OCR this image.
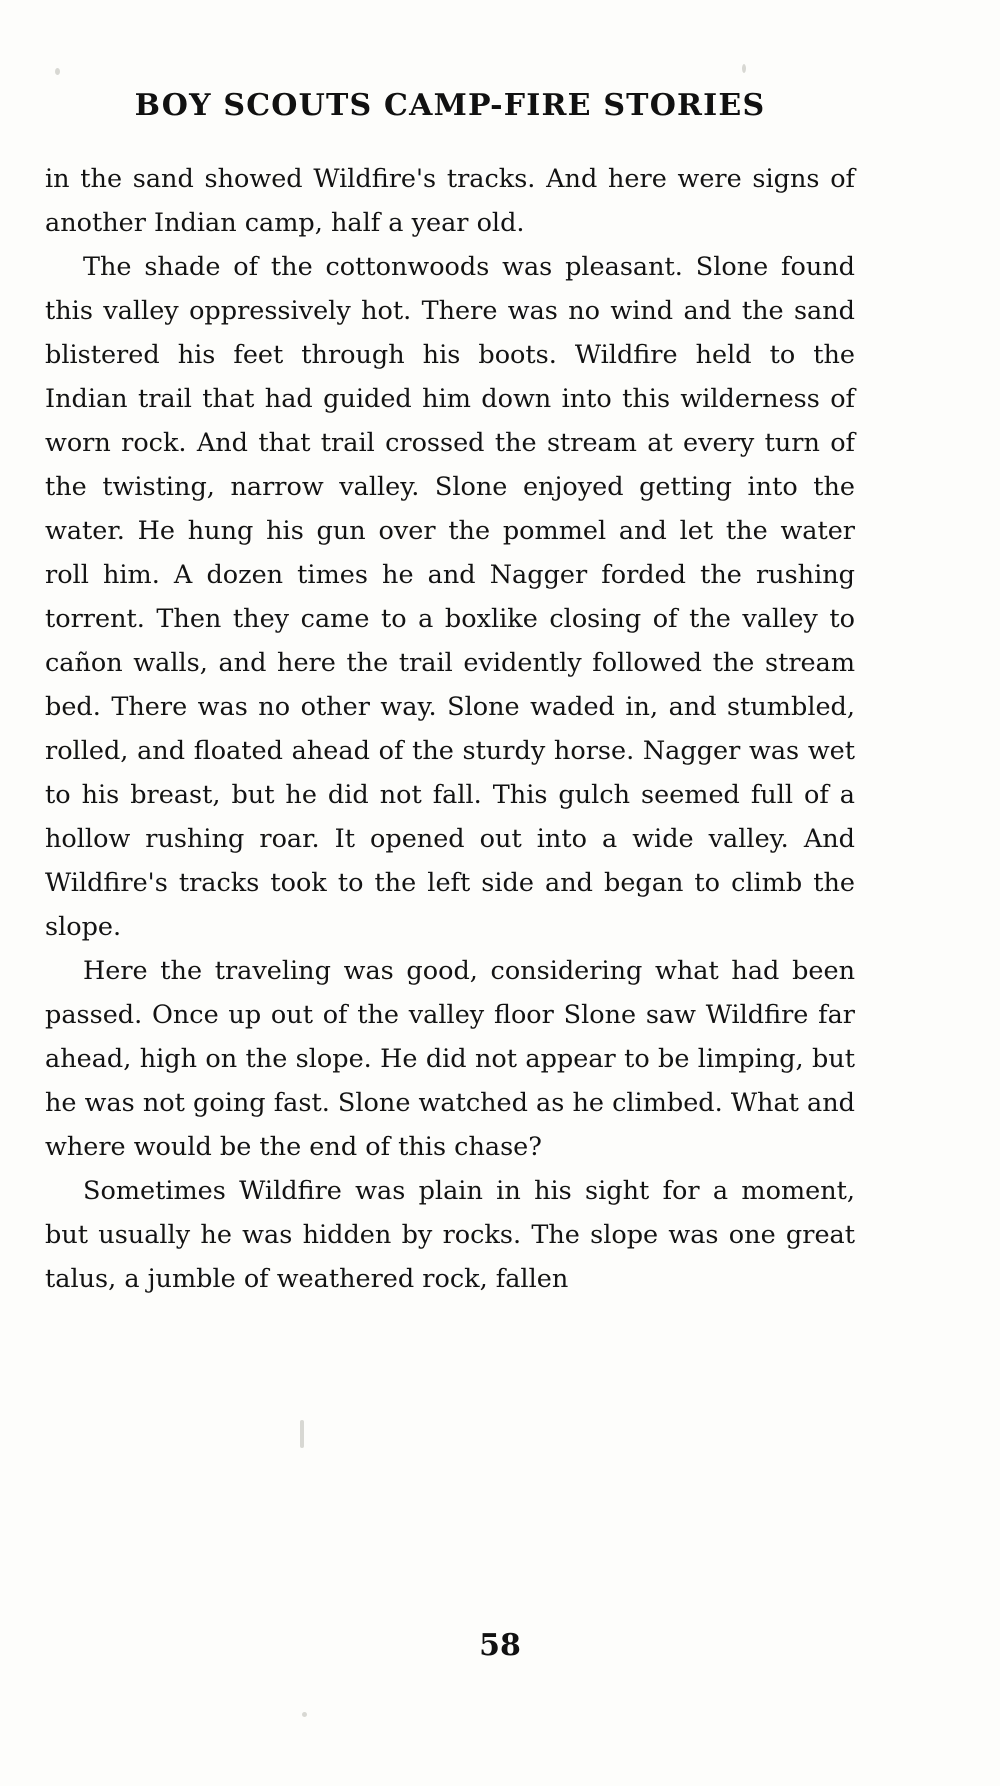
BOY SCOUTS CAMP-FIRE STORIES

in the sand showed Wildfire's tracks. And here were signs of another Indian camp, half a year old.

The shade of the cottonwoods was pleasant. Slone found this valley oppressively hot. There was no wind and the sand blistered his feet through his boots. Wildfire held to the Indian trail that had guided him down into this wilderness of worn rock. And that trail crossed the stream at every turn of the twisting, narrow valley. Slone enjoyed getting into the water. He hung his gun over the pommel and let the water roll him. A dozen times he and Nagger forded the rushing torrent. Then they came to a boxlike closing of the valley to cañon walls, and here the trail evidently followed the stream bed. There was no other way. Slone waded in, and stumbled, rolled, and floated ahead of the sturdy horse. Nagger was wet to his breast, but he did not fall. This gulch seemed full of a hollow rushing roar. It opened out into a wide valley. And Wildfire's tracks took to the left side and began to climb the slope.

Here the traveling was good, considering what had been passed. Once up out of the valley floor Slone saw Wildfire far ahead, high on the slope. He did not appear to be limping, but he was not going fast. Slone watched as he climbed. What and where would be the end of this chase?

Sometimes Wildfire was plain in his sight for a moment, but usually he was hidden by rocks. The slope was one great talus, a jumble of weathered rock, fallen

58
